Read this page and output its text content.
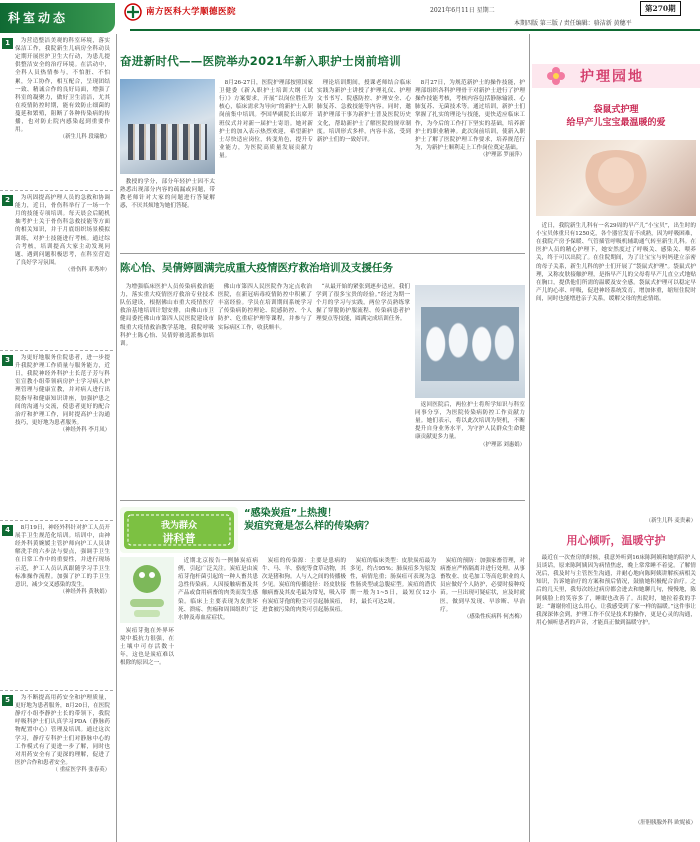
科室动态	南方医科大学顺德医院	2021年6月11日 星期二	第270期
本期四版 第三版 / 责任编辑：骆洁新 黄穗平
1	为营造整洁美观的科室环境，落实保洁工作，我院新生儿病房全科动员定期开展医护卫生大行动，为患儿提供整洁安全的治疗环境。在活动中，全科人员热情参与，不怕脏、不怕累，分工协作，相互配合，呈现团结一致、精诚合作的良好局面，增强了科室的凝聚力，做好卫生清洁，尤其在疫情防控时期，能有效防止细菌的蔓延和繁殖，阻断了各种传染病的传播，也对防止院内感染起到重要作用。

（新生儿科 段瑞敏）
2	为巩固提高护理人员的急救和协调能力，近日，骨伤科举行了一场一个月的技能专项培训。每天晨会后随机抽考护士关于骨伤科急救技能等方面的相关知识，并于月底组织场景模拟训练，对护士技能进行考核。通过综合考核，培训提高大家主动发现问题、遇到问题积极思考，在科室营造了良好学习氛围。

（骨伤科 邓秀冲）
3	为更好地服务住院患者，进一步提升我院护理工作质量与服务能力，近日，我院神经外科护士长范子芳与科室宣教小组带领病房护士学习病人护理管理与健康宣教，并对病人进行出院指导和健康知识讲座，加强护患之间的沟通与交流，使患者更好的配合治疗和护理工作，同时提高护士沟通技巧，更好地为患者服务。

（神经外科 李月凤）
4	8月19日，神经外科针对护工人员开展手卫生规范化培训。培训中，由神经外科黄婉媛主管护师向护工人员讲解洗手的六步法与要点，强调手卫生在日常工作中的重要性，并进行现场示范，护工人员认真跟随学习手卫生标准操作流程。加强了护工的手卫生意识，减少交叉感染的发生。

（神经外科 黄秋娟）
5	为不断提高用药安全和护理质量，更好地为患者服务，8月20日，在医院静疗小组李静护士长的带领下，我院呼吸科护士们认真学习PDA（静脉药物配置中心）管理及培训。通过这次学习，静疗专科护士们对静脉中心的工作模式有了更进一步了解，同时也对用药安全有了更深的理解，促进了医护合作和患者安全。

（ 重症医学科 张春英）
奋进新时代——医院举办2021年新入职护士岗前培训

教授的学分，部分年轻护士因不太熟悉出现部分内容的疏漏或问题，带教老师针对大家的问题进行答疑解惑，不厌其烦地为她们答疑。

8月26-27日，医院护理部按照国家卫健委《新入职护士培训大纲（试行）》方案要求，开展“以岗位胜任为核心，临床需求为导向”的新护士入职岗前集中培训。李国华副院长出席开班仪式并对新一届护士寄语。她对新护士的加入表示热烈欢迎，希望新护士尽快适应岗位，转变角色，提升专业能力，为医院高质量发展贡献力量。

理论培训期间，授课老师结合临床实践为新护士讲授了护理礼仪、护理文书书写、院感防控、护理安全、心肺复苏、急救技能等内容。同时，邀请护理部干事为新护士普及医院历史文化，帮助新护士了解医院的规章制度。培训形式多样，内容丰富，受到新护士们的一致好评。

8月27日，为规范新护士的操作技能，护理部组织各科护理骨干对新护士进行了护理操作技能考核，考核内容包括静脉输液、心肺复苏、无菌技术等。通过培训，新护士们掌握了扎实的理论与技能，更快适应临床工作，为今后的工作打下坚实的基础，培养新护士的职业精神。此次岗前培训，使新入职护士了解了医院护理工作要求，培养规范行为，为新护士顺利走上工作岗位奠定基础。

（护理部 罗丽萍）
陈心怡、吴倩婷圆满完成重大疫情医疗救治培训及支援任务

为增强临床医护人员传染病救治能力，落实重大疫情医疗救治专业技术队伍建设，根据佛山市重大疫情医疗救治基地培训计划安排，由佛山市卫健局委托佛山市第四人民医院建设市级重大疫情救治教学基地，我院呼吸科护士陈心怡、吴倩婷被选派参加培训。

佛山市第四人民医院作为定点收治医院，在新冠病毒疫情防控中积累了丰富经验。学员在培训期间系统学习了传染病防控理论、院感防控、个人防护、危重症护理等课程，并参与了实际病区工作，收获颇丰。

“从最开始的紧张到逐步适应，我们学到了很多宝贵的经验。”经过为期一个月的学习与实践，两位学员熟练掌握了穿脱防护服流程、传染病患者护理要点等技能，圆满完成培训任务。

返回医院后，两位护士将所学知识与科室同事分享，为医院传染病防控工作贡献力量。她们表示，将以此次培训为契机，不断提升自身业务水平，为守护人民群众生命健康贡献更多力量。

（护理部 刘惠娟）
我为群众
讲科普
“感染炭疽”上热搜！
炭疽究竟是怎么样的传染病？

炭疽芽孢在外界环境中抵抗力很强，在土壤中可存活数十年，这也是炭疽难以根除的原因之一。

近期北京报告一例肺炭疽病例，引起广泛关注。炭疽是由炭疽芽孢杆菌引起的一种人畜共患急性传染病。人因接触病畜及其产品或食用病畜的肉类而发生感染。临床上主要表现为皮肤坏死、溃疡、焦痂和周围组织广泛水肿及毒血症症状。

炭疽的传染源：主要是患病的牛、马、羊、骆驼等食草动物，其次是猪和狗。人与人之间的传播极少见。炭疽的传播途径：经皮肤接触病畜及其皮毛最为常见，吸入带有炭疽芽孢的粉尘可引起肺炭疽，进食被污染的肉类可引起肠炭疽。

炭疽的临床类型：皮肤炭疽最为多见，约占95%；肺炭疽多为原发性，病情危重；肠炭疽可表现为急性肠炎型或急腹症型。炭疽的潜伏期一般为1~5日，最短仅12小时，最长可达2周。

炭疽的预防：加强家畜管理，对病畜应严格隔离并进行处理。从事畜牧业、皮毛加工等高危职业的人员应做好个人防护，必要时接种疫苗。一旦出现可疑症状，应及时就医，做到早发现、早诊断、早治疗。

（感染性疾病科 何杰梅）
护理园地
袋鼠式护理
给早产儿宝宝最温暖的爱

近日，我院新生儿科有一名29周的早产儿“小宝贝”，出生时的小宝贝体重只有1250克，各个器官发育不成熟，因为呼吸困难，在我院产房予保暖、气管插管呼吸机辅助通气转至新生儿科。在医护人员的精心护理下，她安然度过了呼吸关、感染关、喂养关，终于可以出院了。在住院期间，为了让宝宝与妈妈建立亲密的母子关系，新生儿科的护士们开展了“袋鼠式护理”。袋鼠式护理，又称皮肤接触护理，是指早产儿的父母将早产儿直立式地贴在胸口，提供他们所需的温暖及安全感。袋鼠式护理可以稳定早产儿的心率、呼吸，促进神经系统发育，增加体重，缩短住院时间，同时也能增进亲子关系，缓解父母的焦虑情绪。

（新生儿科 麦贵素）
用心倾听，温暖守护

最近在一次查房的时候，我意外听到16床陈阿姨和她的陪护人员谈话，原来陈阿姨因为病情焦虑，晚上常常睡不着觉。了解情况后，我及时与主管医生沟通，并耐心地向陈阿姨讲解疾病相关知识，告诉她治疗的方案和预后情况，鼓励她积极配合治疗。之后的几天里，我每次经过病房都会进去和她聊几句，慢慢地，陈阿姨脸上的笑容多了，睡眠也改善了。出院时，她拉着我的手说：“谢谢你们这么用心，让我感受到了家一样的温暖。”这件事让我深深体会到，护理工作不仅是技术的操作，更是心灵的沟通，用心倾听患者的声音，才能真正做到温暖守护。

（肝胆胰腺外科 欧妮祯）
